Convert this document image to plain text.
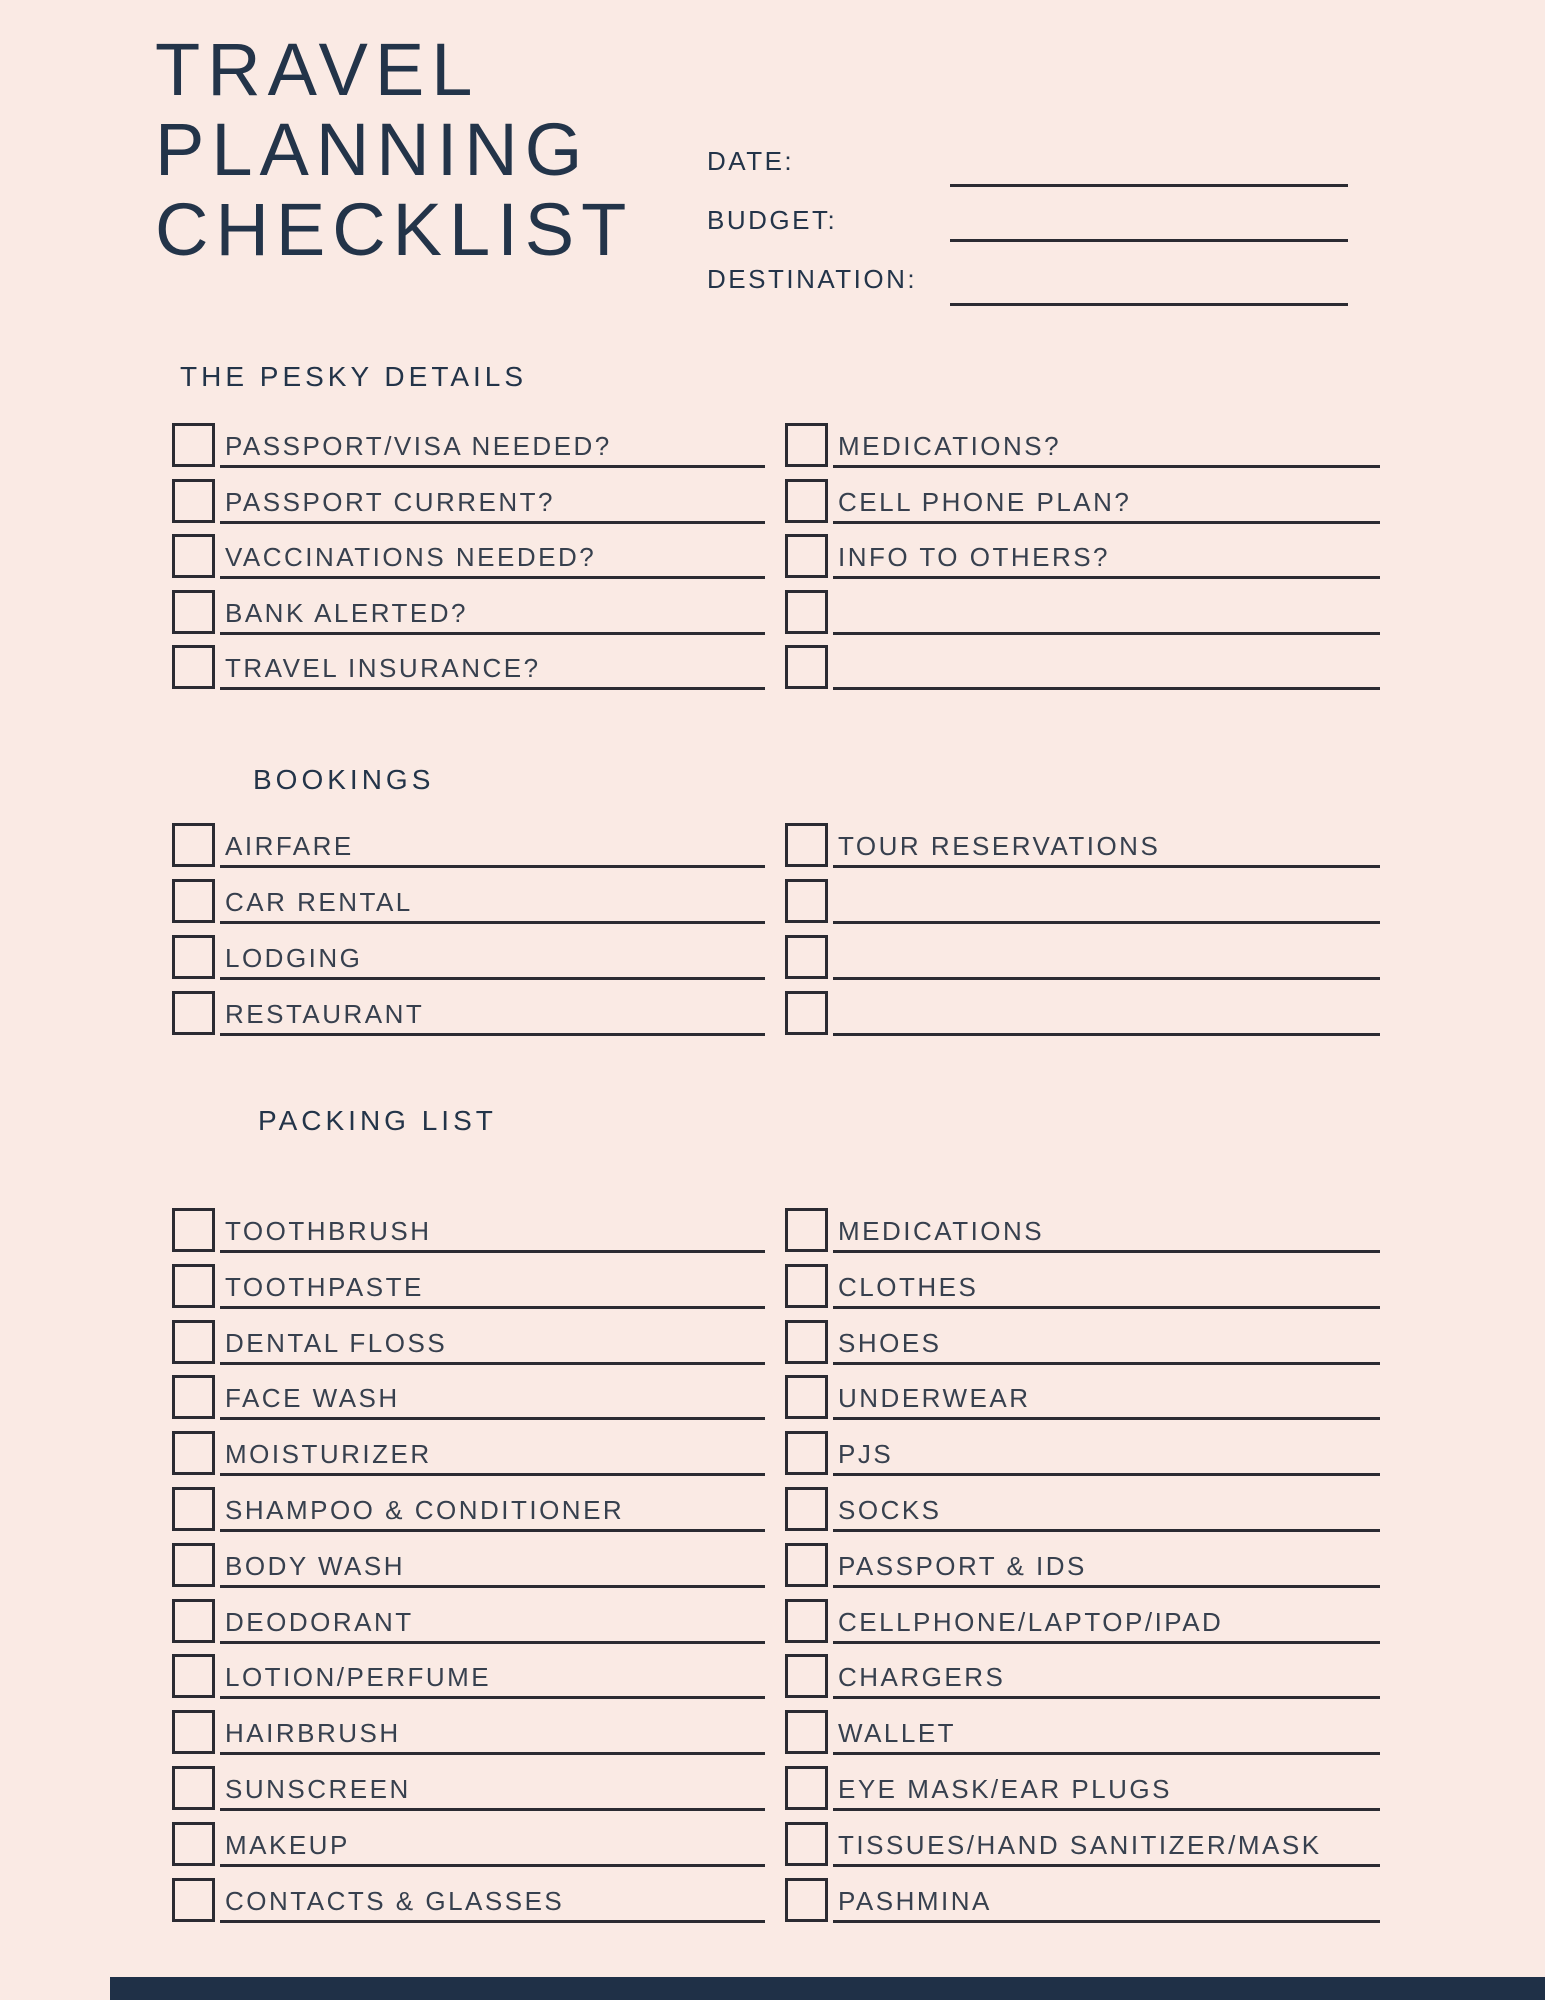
TRAVEL
PLANNING
CHECKLIST
DATE:
BUDGET:
DESTINATION:
THE PESKY DETAILS
PASSPORT/VISA NEEDED?
PASSPORT CURRENT?
VACCINATIONS NEEDED?
BANK ALERTED?
TRAVEL INSURANCE?
MEDICATIONS?
CELL PHONE PLAN?
INFO TO OTHERS?
BOOKINGS
AIRFARE
CAR RENTAL
LODGING
RESTAURANT
TOUR RESERVATIONS
PACKING LIST
TOOTHBRUSH
TOOTHPASTE
DENTAL FLOSS
FACE WASH
MOISTURIZER
SHAMPOO & CONDITIONER
BODY WASH
DEODORANT
LOTION/PERFUME
HAIRBRUSH
SUNSCREEN
MAKEUP
CONTACTS & GLASSES
MEDICATIONS
CLOTHES
SHOES
UNDERWEAR
PJS
SOCKS
PASSPORT & IDS
CELLPHONE/LAPTOP/IPAD
CHARGERS
WALLET
EYE MASK/EAR PLUGS
TISSUES/HAND SANITIZER/MASK
PASHMINA
